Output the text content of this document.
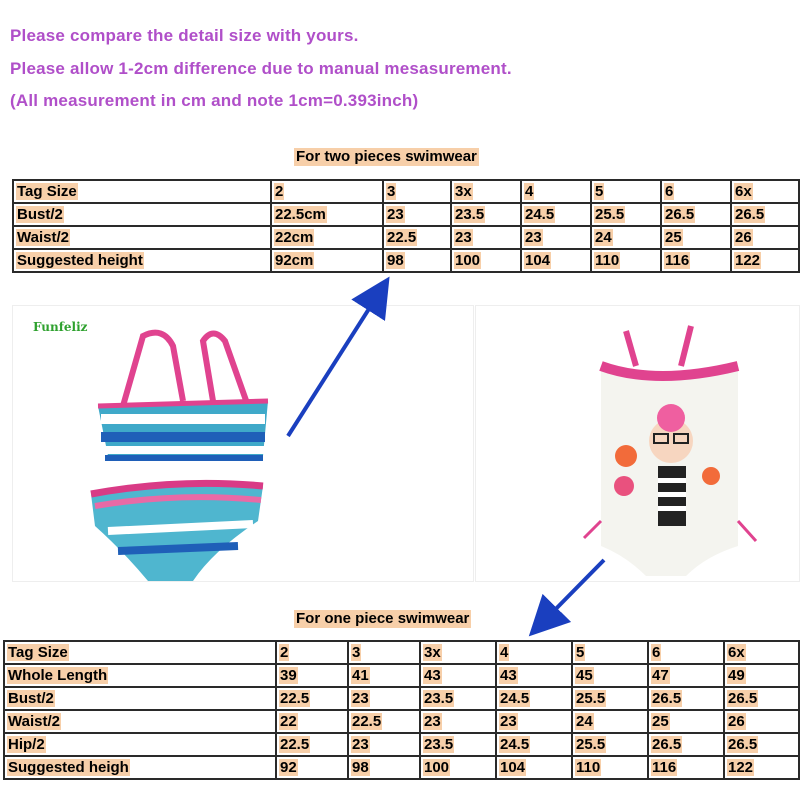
Please compare the detail size with yours.

Please allow 1-2cm difference due to manual mesasurement.

(All measurement in cm and note 1cm=0.393inch)

For two pieces swimwear
Tag Size	2	3	3x	4	5	6	6x
Bust/2	22.5cm	23	23.5	24.5	25.5	26.5	26.5
Waist/2	22cm	22.5	23	23	24	25	26
Suggested height	92cm	98	100	104	110	116	122
Funfeliz
For one piece swimwear
Tag Size	2	3	3x	4	5	6	6x
Whole Length	39	41	43	43	45	47	49
Bust/2	22.5	23	23.5	24.5	25.5	26.5	26.5
Waist/2	22	22.5	23	23	24	25	26
Hip/2	22.5	23	23.5	24.5	25.5	26.5	26.5
Suggested heigh	92	98	100	104	110	116	122
